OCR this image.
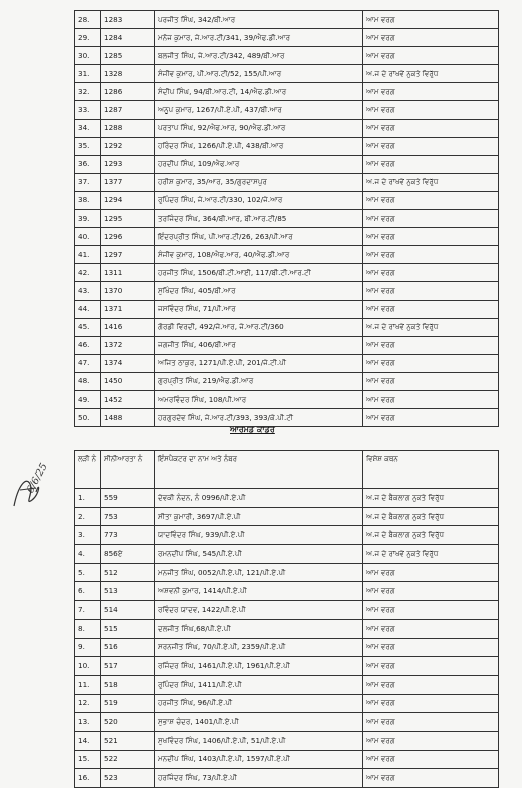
28.	1283	ਪਰਜੀਤ ਸਿੰਘ, 342/ਬੀ.ਆਰ	ਆਮ ਵਰਗ
29.	1284	ਮਨੋਜ ਕੁਮਾਰ, ਜੇ.ਆਰ.ਟੀ/341, 39/ਐਫ.ਡੀ.ਆਰ	ਆਮ ਵਰਗ
30.	1285	ਬਲਜੀਤ ਸਿੰਘ, ਜੇ.ਆਰ.ਟੀ/342, 489/ਬੀ.ਆਰ	ਆਮ ਵਰਗ
31.	1328	ਸੰਜੀਵ ਕੁਮਾਰ, ਪੀ.ਆਰ.ਟੀ/52, 155/ਪੀ.ਆਰ	ਅ.ਜ ਦੇ ਰਾਂਖਵੇਂ ਨੁਕਤੇ ਵਿਰੁੱਧ
32.	1286	ਸੰਦੀਪ ਸਿੰਘ, 94/ਬੀ.ਆਰ.ਟੀ, 14/ਐਫ.ਡੀ.ਆਰ	ਆਮ ਵਰਗ
33.	1287	ਅਨੂਪ ਕੁਮਾਰ, 1267/ਪੀ.ਏ.ਪੀ, 437/ਬੀ.ਆਰ	ਆਮ ਵਰਗ
34.	1288	ਪਰਤਾਪ ਸਿੰਘ, 92/ਐਫ.ਆਰ, 90/ਐਫ.ਡੀ.ਆਰ	ਆਮ ਵਰਗ
35.	1292	ਹਰਿੰਦਰ ਸਿੰਘ, 1266/ਪੀ.ਏ.ਪੀ, 438/ਬੀ.ਆਰ	ਆਮ ਵਰਗ
36.	1293	ਹਰਦੀਪ ਸਿੰਘ, 109/ਐਫ.ਆਰ	ਆਮ ਵਰਗ
37.	1377	ਹਰੀਸ਼ ਕੁਮਾਰ, 35/ਆਰ, 35/ਗੁਰਦਾਸਪੁਰ	ਅ.ਜ ਦੇ ਰਾਂਖਵੇਂ ਨੁਕਤੇ ਵਿਰੁੱਧ
38.	1294	ਰੁਪਿੰਦਰ ਸਿੰਘ, ਜੇ.ਆਰ.ਟੀ/330, 102/ਜੇ.ਆਰ	ਆਮ ਵਰਗ
39.	1295	ਤਰਜਿੰਦਰ ਸਿੰਘ, 364/ਬੀ.ਆਰ, ਬੀ.ਆਰ.ਟੀ/85	ਆਮ ਵਰਗ
40.	1296	ਇੰਦਰਪ੍ਰੀਤ ਸਿੰਘ, ਪੀ.ਆਰ.ਟੀ/26, 263/ਪੀ.ਆਰ	ਆਮ ਵਰਗ
41.	1297	ਸੰਜੀਵ ਕੁਮਾਰ, 108/ਐਫ.ਆਰ, 40/ਐਫ.ਡੀ.ਆਰ	ਆਮ ਵਰਗ
42.	1311	ਹਰਜੀਤ ਸਿੰਘ, 1506/ਬੀ.ਟੀ.ਆਈ, 117/ਬੀ.ਟੀ.ਆਰ.ਟੀ	ਆਮ ਵਰਗ
43.	1370	ਸੁਖਿੰਦਰ ਸਿੰਘ, 405/ਬੀ.ਆਰ	ਆਮ ਵਰਗ
44.	1371	ਜਸਵਿੰਦਰ ਸਿੰਘ, 71/ਪੀ.ਆਰ	ਆਮ ਵਰਗ
45.	1416	ਗੋਰਡੀ ਵਿਰਦੀ, 492/ਜੇ.ਆਰ, ਜੇ.ਆਰ.ਟੀ/360	ਅ.ਜ ਦੇ ਰਾਂਖਵੇਂ ਨੁਕਤੇ ਵਿਰੁੱਧ
46.	1372	ਜਗਜੀਤ ਸਿੰਘ, 406/ਬੀ.ਆਰ	ਆਮ ਵਰਗ
47.	1374	ਅਜਿਤ ਠਾਕੁਰ, 1271/ਪੀ.ਏ.ਪੀ, 201/ਜੇ.ਟੀ.ਪੀ	ਆਮ ਵਰਗ
48.	1450	ਗੁਰਪ੍ਰੀਤ ਸਿੰਘ, 219/ਐਫ.ਡੀ.ਆਰ	ਆਮ ਵਰਗ
49.	1452	ਅਮਰਵਿੰਦਰ ਸਿੰਘ, 108/ਪੀ.ਆਰ	ਆਮ ਵਰਗ
50.	1488	ਹਰਗੁਰਦੇਵ ਸਿੰਘ, ਜੇ.ਆਰ.ਟੀ/393, 393/ਕੇ.ਪੀ.ਟੀ	ਆਮ ਵਰਗ
ਆਰਮਡ ਕਾਡਰ
6/6/25
ਲੜੀ ਨੰ	ਸੀਨੀਆਰਤਾ ਨੰ	ਇੰਸਪੈਕਟਰ ਦਾ ਨਾਮ ਅਤੇ ਨੰਬਰ	ਵਿਸ਼ੇਸ਼ ਕਥਨ
1.	559	ਦੇਵਕੀ ਨੰਦਨ, ਨੰ 0996/ਪੀ.ਏ.ਪੀ	ਅ.ਜ ਦੇ ਬੈਕਲਾਗ ਨੁਕਤੇ ਵਿਰੁੱਧ
2.	753	ਸੀਤਾ ਕੁਮਾਰੀ, 3697/ਪੀ.ਏ.ਪੀ	ਅ.ਜ ਦੇ ਬੈਕਲਾਗ ਨੁਕਤੇ ਵਿਰੁੱਧ
3.	773	ਯਾਦਵਿੰਦਰ ਸਿੰਘ, 939/ਪੀ.ਏ.ਪੀ	ਅ.ਜ ਦੇ ਬੈਕਲਾਗ ਨੁਕਤੇ ਵਿਰੁੱਧ
4.	856ਏ	ਰਮਨਦੀਪ ਸਿੰਘ, 545/ਪੀ.ਏ.ਪੀ	ਅ.ਜ ਦੇ ਰਾਂਖਵੇਂ ਨੁਕਤੇ ਵਿਰੁੱਧ
5.	512	ਮਨਜੀਤ ਸਿੰਘ, 0052/ਪੀ.ਏ.ਪੀ, 121/ਪੀ.ਏ.ਪੀ	ਆਮ ਵਰਗ
6.	513	ਅਸ਼ਵਨੀ ਕੁਮਾਰ, 1414/ਪੀ.ਏ.ਪੀ	ਆਮ ਵਰਗ
7.	514	ਰਵਿੰਦਰ ਯਾਦਵ, 1422/ਪੀ.ਏ.ਪੀ	ਆਮ ਵਰਗ
8.	515	ਦਲਜੀਤ ਸਿੰਘ,68/ਪੀ.ਏ.ਪੀ	ਆਮ ਵਰਗ
9.	516	ਸਰਨਜੀਤ ਸਿੰਘ, 70/ਪੀ.ਏ.ਪੀ, 2359/ਪੀ.ਏ.ਪੀ	ਆਮ ਵਰਗ
10.	517	ਰਜਿੰਦਰ ਸਿੰਘ, 1461/ਪੀ.ਏ.ਪੀ, 1961/ਪੀ.ਏ.ਪੀ	ਆਮ ਵਰਗ
11.	518	ਰੁਪਿੰਦਰ ਸਿੰਘ, 1411/ਪੀ.ਏ.ਪੀ	ਆਮ ਵਰਗ
12.	519	ਹਰਜੀਤ ਸਿੰਘ, 96/ਪੀ.ਏ.ਪੀ	ਆਮ ਵਰਗ
13.	520	ਸੁਭਾਸ਼ ਚੰਦਰ, 1401/ਪੀ.ਏ.ਪੀ	ਆਮ ਵਰਗ
14.	521	ਸੁਖਵਿੰਦਰ ਸਿੰਘ, 1406/ਪੀ.ਏ.ਪੀ, 51/ਪੀ.ਏ.ਪੀ	ਆਮ ਵਰਗ
15.	522	ਮਨਦੀਪ ਸਿੰਘ, 1403/ਪੀ.ਏ.ਪੀ, 1597/ਪੀ.ਏ.ਪੀ	ਆਮ ਵਰਗ
16.	523	ਹਰਜਿੰਦਰ ਸਿੰਘ, 73/ਪੀ.ਏ.ਪੀ	ਆਮ ਵਰਗ
